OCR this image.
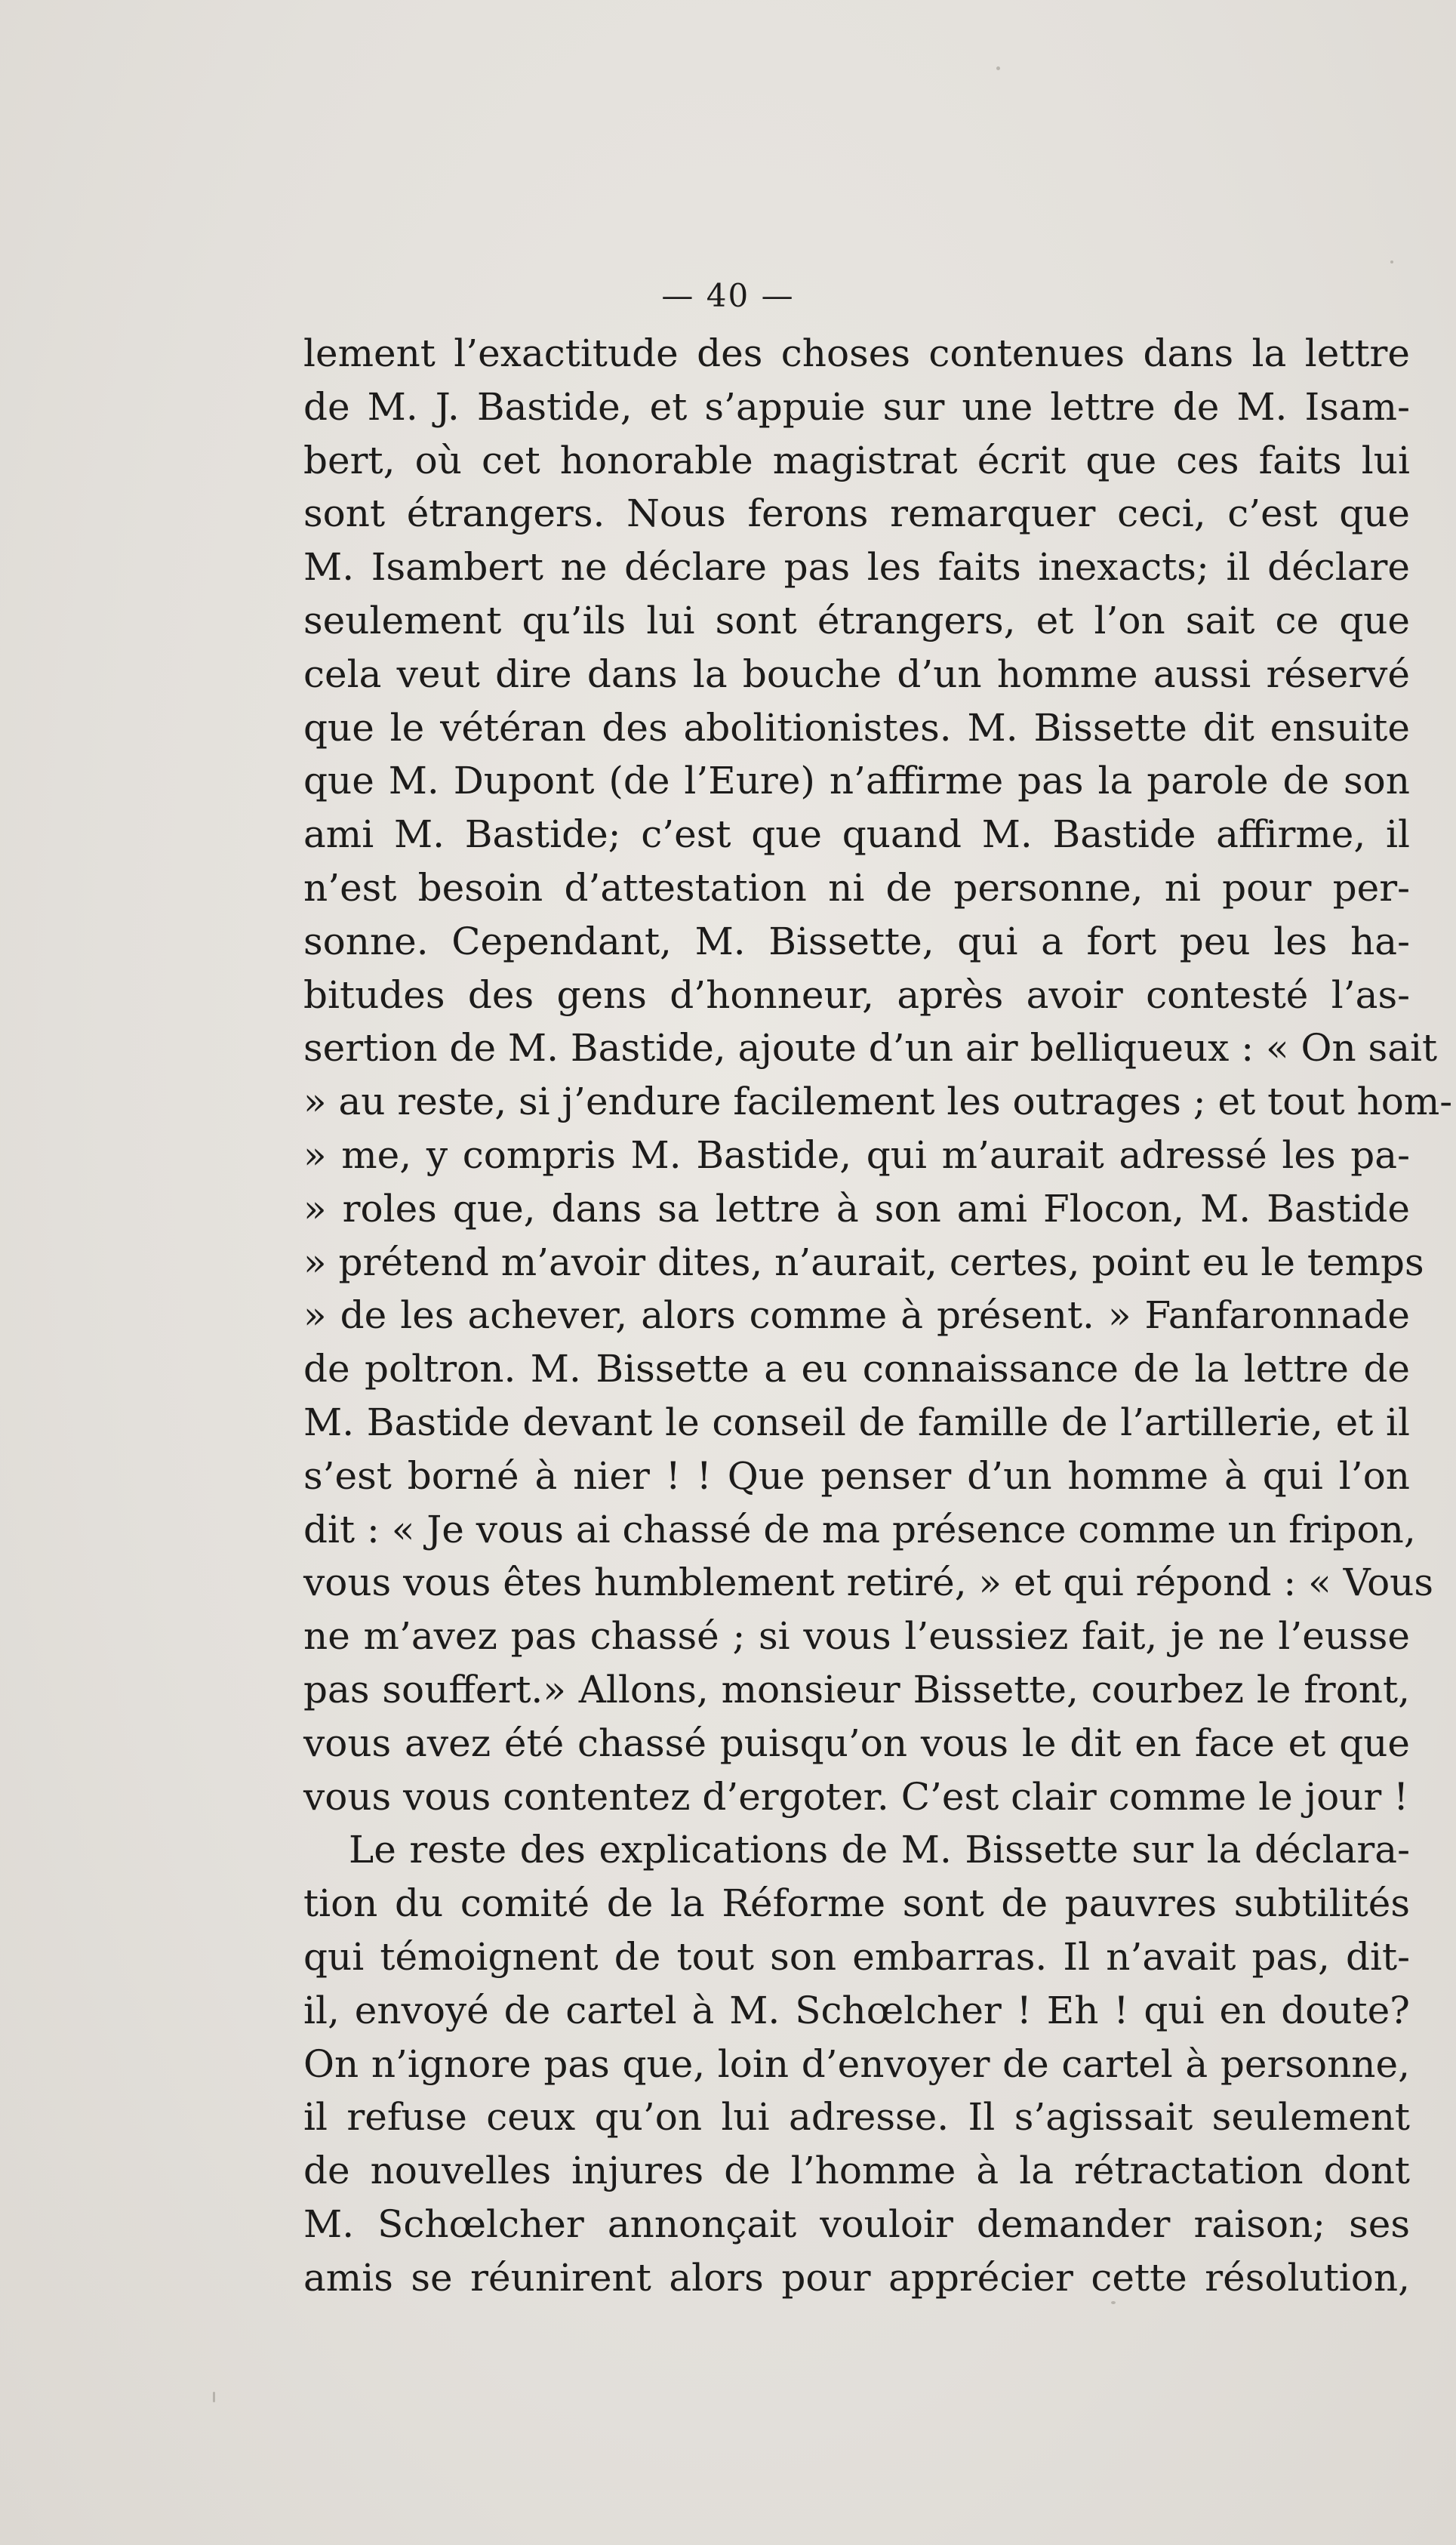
— 40 —
lement l’exactitude des choses contenues dans la lettre
de M. J. Bastide, et s’appuie sur une lettre de M. Isam-
bert, où cet honorable magistrat écrit que ces faits lui
sont étrangers. Nous ferons remarquer ceci, c’est que
M. Isambert ne déclare pas les faits inexacts; il déclare
seulement qu’ils lui sont étrangers, et l’on sait ce que
cela veut dire dans la bouche d’un homme aussi réservé
que le vétéran des abolitionistes. M. Bissette dit ensuite
que M. Dupont (de l’Eure) n’affirme pas la parole de son
ami M. Bastide; c’est que quand M. Bastide affirme, il
n’est besoin d’attestation ni de personne, ni pour per-
sonne. Cependant, M. Bissette, qui a fort peu les ha-
bitudes des gens d’honneur, après avoir contesté l’as-
sertion de M. Bastide, ajoute d’un air belliqueux : « On sait
» au reste, si j’endure facilement les outrages ; et tout hom-
» me, y compris M. Bastide, qui m’aurait adressé les pa-
» roles que, dans sa lettre à son ami Flocon, M. Bastide
» prétend m’avoir dites, n’aurait, certes, point eu le temps
» de les achever, alors comme à présent. » Fanfaronnade
de poltron. M. Bissette a eu connaissance de la lettre de
M. Bastide devant le conseil de famille de l’artillerie, et il
s’est borné à nier ! ! Que penser d’un homme à qui l’on
dit : « Je vous ai chassé de ma présence comme un fripon,
vous vous êtes humblement retiré, » et qui répond : « Vous
ne m’avez pas chassé ; si vous l’eussiez fait, je ne l’eusse
pas souffert.» Allons, monsieur Bissette, courbez le front,
vous avez été chassé puisqu’on vous le dit en face et que
vous vous contentez d’ergoter. C’est clair comme le jour !
Le reste des explications de M. Bissette sur la déclara-
tion du comité de la Réforme sont de pauvres subtilités
qui témoignent de tout son embarras. Il n’avait pas, dit-
il, envoyé de cartel à M. Schœlcher ! Eh ! qui en doute?
On n’ignore pas que, loin d’envoyer de cartel à personne,
il refuse ceux qu’on lui adresse. Il s’agissait seulement
de nouvelles injures de l’homme à la rétractation dont
M. Schœlcher annonçait vouloir demander raison; ses
amis se réunirent alors pour apprécier cette résolution,
